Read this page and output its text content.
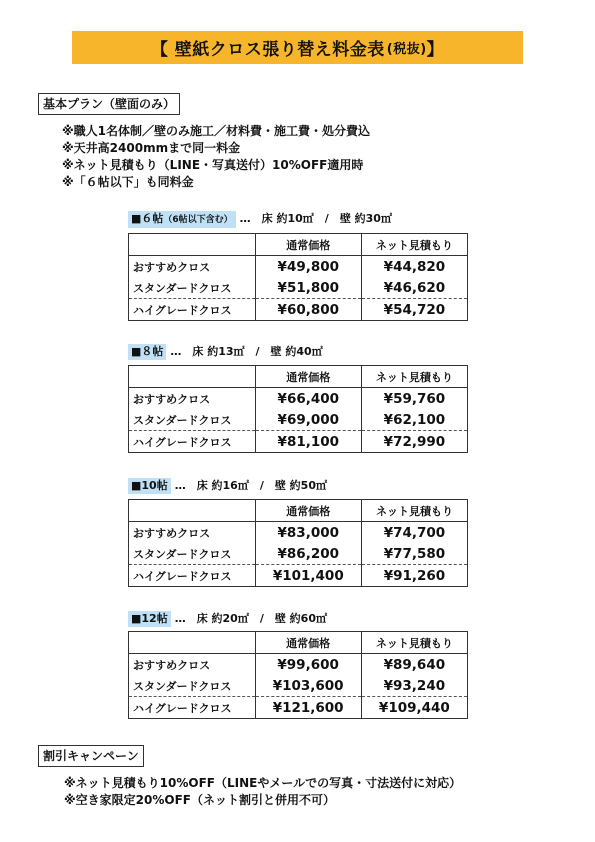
【 壁紙クロス張り替え料金表 (税抜) 】
基本プラン（壁面のみ）
※職人1名体制／壁のみ施工／材料費・施工費・処分費込
※天井高2400mmまで同一料金
※ネット見積もり（LINE・写真送付）10%OFF適用時
※「６帖以下」も同料金
■６帖（6帖以下含む） …　床 約10㎡　/　壁 約30㎡
	通常価格	ネット見積もり
おすすめクロス	¥49,800	¥44,820
スタンダードクロス	¥51,800	¥46,620
ハイグレードクロス	¥60,800	¥54,720
■８帖 …　床 約13㎡　/　壁 約40㎡
	通常価格	ネット見積もり
おすすめクロス	¥66,400	¥59,760
スタンダードクロス	¥69,000	¥62,100
ハイグレードクロス	¥81,100	¥72,990
■10帖 …　床 約16㎡　/　壁 約50㎡
	通常価格	ネット見積もり
おすすめクロス	¥83,000	¥74,700
スタンダードクロス	¥86,200	¥77,580
ハイグレードクロス	¥101,400	¥91,260
■12帖 …　床 約20㎡　/　壁 約60㎡
	通常価格	ネット見積もり
おすすめクロス	¥99,600	¥89,640
スタンダードクロス	¥103,600	¥93,240
ハイグレードクロス	¥121,600	¥109,440
割引キャンペーン
※ネット見積もり10%OFF（LINEやメールでの写真・寸法送付に対応）
※空き家限定20%OFF（ネット割引と併用不可）
